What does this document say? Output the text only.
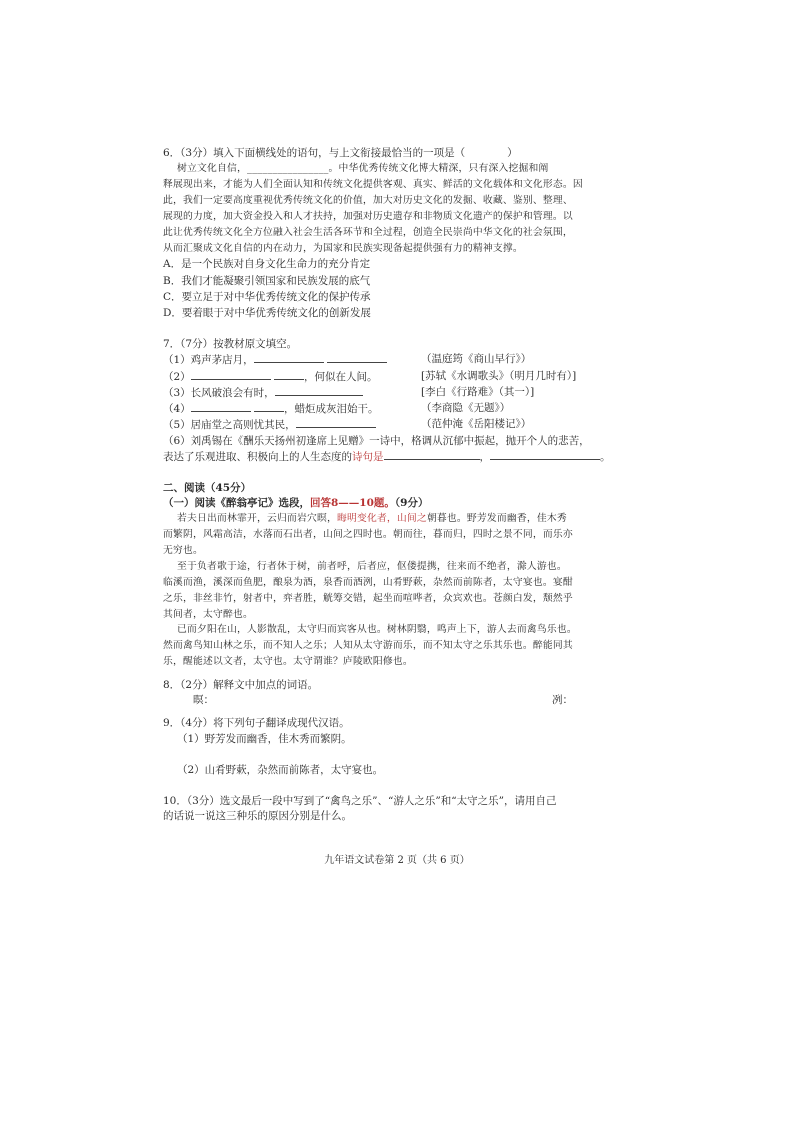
6．（3分）填入下面横线处的语句，与上文衔接最恰当的一项是（　　　　）
树立文化自信，________________。中华优秀传统文化博大精深，只有深入挖掘和阐
释展现出来，才能为人们全面认知和传统文化提供客观、真实、鲜活的文化载体和文化形态。因
此，我们一定要高度重视优秀传统文化的价值，加大对历史文化的发掘、收藏、鉴别、整理、
展现的力度，加大资金投入和人才扶持，加强对历史遗存和非物质文化遗产的保护和管理。以
此让优秀传统文化全方位融入社会生活各环节和全过程，创造全民崇尚中华文化的社会氛围，
从而汇聚成文化自信的内在动力，为国家和民族实现备起提供强有力的精神支撑。
A．是一个民族对自身文化生命力的充分肯定
B．我们才能凝聚引领国家和民族发展的底气
C．要立足于对中华优秀传统文化的保护传承
D．要着眼于对中华优秀传统文化的创新发展
7．（7分）按教材原文填空。
（1）鸡声茅店月，	（温庭筠《商山早行》）
（2）	，何似在人间。	[苏轼《水调歌头》（明月几时有）]
（3）长风破浪会有时，	[李白《行路难》（其一）]
（4）	，蜡炬成灰泪始干。	（李商隐《无题》）
（5）居庙堂之高则忧其民，	（范仲淹《岳阳楼记》）
（6）刘禹锡在《酬乐天扬州初逢席上见赠》一诗中，格调从沉郁中振起，抛开个人的悲苦，
表达了乐观进取、积极向上的人生态度的诗句是	，	。
二、阅读（45分）
（一）阅读《醉翁亭记》选段，回答8——10题。（9分）
若夫日出而林霏开，云归而岩穴暝，晦明变化者，山间之朝暮也。野芳发而幽香，佳木秀
而繁阴，风霜高洁，水落而石出者，山间之四时也。朝而往，暮而归，四时之景不同，而乐亦
无穷也。
至于负者歌于途，行者休于树，前者呼，后者应，伛偻提携，往来而不绝者，滁人游也。
临溪而渔，溪深而鱼肥，酿泉为酒，泉香而酒洌，山肴野蔌，杂然而前陈者，太守宴也。宴酣
之乐，非丝非竹，射者中，弈者胜，觥筹交错，起坐而喧哗者，众宾欢也。苍颜白发，颓然乎
其间者，太守醉也。
已而夕阳在山，人影散乱，太守归而宾客从也。树林阴翳，鸣声上下，游人去而禽鸟乐也。
然而禽鸟知山林之乐，而不知人之乐；人知从太守游而乐，而不知太守之乐其乐也。醉能同其
乐，醒能述以文者，太守也。太守谓谁？庐陵欧阳修也。
8．（2分）解释文中加点的词语。
暝：	冽：
9．（4分）将下列句子翻译成现代汉语。
（1）野芳发而幽香，佳木秀而繁阴。
（2）山肴野蔌，杂然而前陈者，太守宴也。
10．（3分）选文最后一段中写到了“禽鸟之乐”、“游人之乐”和“太守之乐”，请用自己
的话说一说这三种乐的原因分别是什么。
九年语文试卷第 2 页（共 6 页）
